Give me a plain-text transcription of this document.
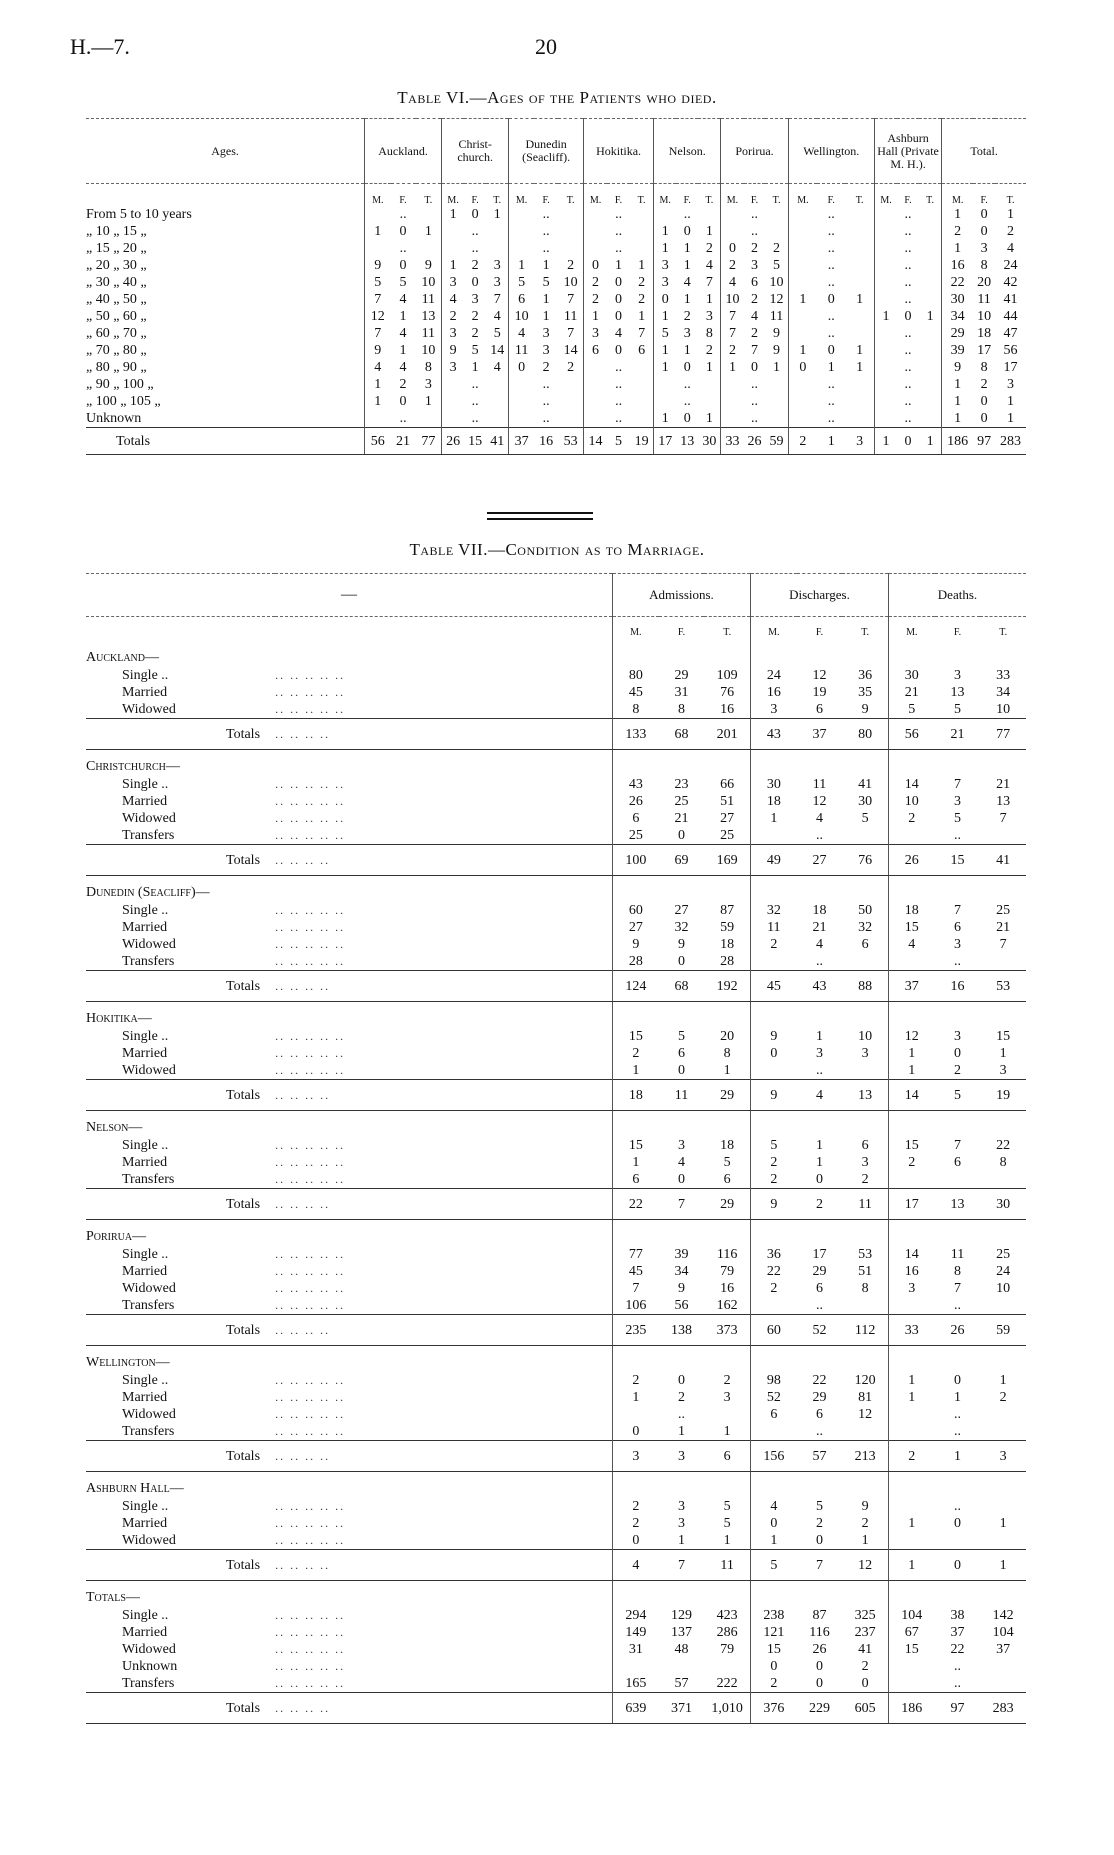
H.—7.	20
Table VI.—Ages of the Patients who died.
Ages.	Auckland.			Christ-church.			Dunedin (Seacliff).			Hokitika.			Nelson.			Porirua.			Wellington.			Ashburn Hall (Private M. H.).			Total.		
	M.	F.	T.	M.	F.	T.	M.	F.	T.	M.	F.	T.	M.	F.	T.	M.	F.	T.	M.	F.	T.	M.	F.	T.	M.	F.	T.
From 5 to 10 years	..			1	0	1	..			..			..			..			..			..			1	0	1
„ 10 „ 15 „	1	0	1	..			..			..			1	0	1	..			..			..			2	0	2
„ 15 „ 20 „	..			..			..			..			1	1	2	0	2	2	..			..			1	3	4
„ 20 „ 30 „	9	0	9	1	2	3	1	1	2	0	1	1	3	1	4	2	3	5	..			..			16	8	24
„ 30 „ 40 „	5	5	10	3	0	3	5	5	10	2	0	2	3	4	7	4	6	10	..			..			22	20	42
„ 40 „ 50 „	7	4	11	4	3	7	6	1	7	2	0	2	0	1	1	10	2	12	1	0	1	..			30	11	41
„ 50 „ 60 „	12	1	13	2	2	4	10	1	11	1	0	1	1	2	3	7	4	11	..			1	0	1	34	10	44
„ 60 „ 70 „	7	4	11	3	2	5	4	3	7	3	4	7	5	3	8	7	2	9	..			..			29	18	47
„ 70 „ 80 „	9	1	10	9	5	14	11	3	14	6	0	6	1	1	2	2	7	9	1	0	1	..			39	17	56
„ 80 „ 90 „	4	4	8	3	1	4	0	2	2	..			1	0	1	1	0	1	0	1	1	..			9	8	17
„ 90 „ 100 „	1	2	3	..			..			..			..			..			..			..			1	2	3
„ 100 „ 105 „	1	0	1	..			..			..			..			..			..			..			1	0	1
Unknown	..			..			..			..			1	0	1	..			..			..			1	0	1
Totals	56	21	77	26	15	41	37	16	53	14	5	19	17	13	30	33	26	59	2	1	3	1	0	1	186	97	283
Table VII.—Condition as to Marriage.
—		Admissions.			Discharges.			Deaths.		
		M.	F.	T.	M.	F.	T.	M.	F.	T.
Auckland—										
Single ..	.. .. .. .. ..	80	29	109	24	12	36	30	3	33
Married	.. .. .. .. ..	45	31	76	16	19	35	21	13	34
Widowed	.. .. .. .. ..	8	8	16	3	6	9	5	5	10
Totals	.. .. .. ..	133	68	201	43	37	80	56	21	77
Christchurch—										
Single ..	.. .. .. .. ..	43	23	66	30	11	41	14	7	21
Married	.. .. .. .. ..	26	25	51	18	12	30	10	3	13
Widowed	.. .. .. .. ..	6	21	27	1	4	5	2	5	7
Transfers	.. .. .. .. ..	25	0	25		..			..	
Totals	.. .. .. ..	100	69	169	49	27	76	26	15	41
Dunedin (Seacliff)—										
Single ..	.. .. .. .. ..	60	27	87	32	18	50	18	7	25
Married	.. .. .. .. ..	27	32	59	11	21	32	15	6	21
Widowed	.. .. .. .. ..	9	9	18	2	4	6	4	3	7
Transfers	.. .. .. .. ..	28	0	28		..			..	
Totals	.. .. .. ..	124	68	192	45	43	88	37	16	53
Hokitika—										
Single ..	.. .. .. .. ..	15	5	20	9	1	10	12	3	15
Married	.. .. .. .. ..	2	6	8	0	3	3	1	0	1
Widowed	.. .. .. .. ..	1	0	1		..		1	2	3
Totals	.. .. .. ..	18	11	29	9	4	13	14	5	19
Nelson—										
Single ..	.. .. .. .. ..	15	3	18	5	1	6	15	7	22
Married	.. .. .. .. ..	1	4	5	2	1	3	2	6	8
Transfers	.. .. .. .. ..	6	0	6	2	0	2			
Totals	.. .. .. ..	22	7	29	9	2	11	17	13	30
Porirua—										
Single ..	.. .. .. .. ..	77	39	116	36	17	53	14	11	25
Married	.. .. .. .. ..	45	34	79	22	29	51	16	8	24
Widowed	.. .. .. .. ..	7	9	16	2	6	8	3	7	10
Transfers	.. .. .. .. ..	106	56	162		..			..	
Totals	.. .. .. ..	235	138	373	60	52	112	33	26	59
Wellington—										
Single ..	.. .. .. .. ..	2	0	2	98	22	120	1	0	1
Married	.. .. .. .. ..	1	2	3	52	29	81	1	1	2
Widowed	.. .. .. .. ..		..		6	6	12		..	
Transfers	.. .. .. .. ..	0	1	1		..			..	
Totals	.. .. .. ..	3	3	6	156	57	213	2	1	3
Ashburn Hall—										
Single ..	.. .. .. .. ..	2	3	5	4	5	9		..	
Married	.. .. .. .. ..	2	3	5	0	2	2	1	0	1
Widowed	.. .. .. .. ..	0	1	1	1	0	1			
Totals	.. .. .. ..	4	7	11	5	7	12	1	0	1
Totals—										
Single ..	.. .. .. .. ..	294	129	423	238	87	325	104	38	142
Married	.. .. .. .. ..	149	137	286	121	116	237	67	37	104
Widowed	.. .. .. .. ..	31	48	79	15	26	41	15	22	37
Unknown	.. .. .. .. ..				0	0	2		..	
Transfers	.. .. .. .. ..	165	57	222	2	0	0		..	
Totals	.. .. .. ..	639	371	1,010	376	229	605	186	97	283
